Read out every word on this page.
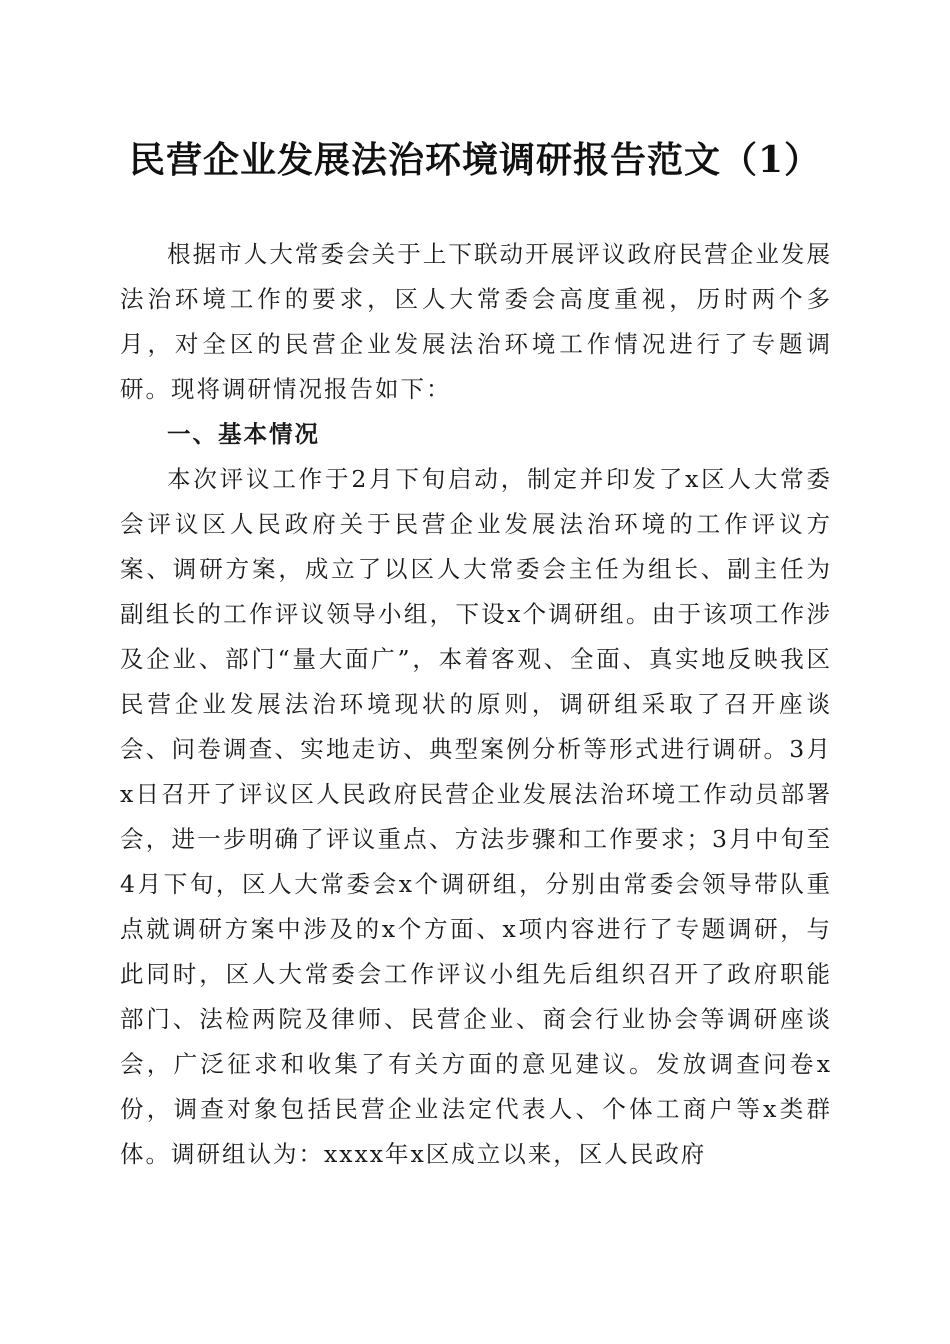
民营企业发展法治环境调研报告范文（1）

根据市人大常委会关于上下联动开展评议政府民营企业发展法治环境工作的要求，区人大常委会高度重视，历时两个多月，对全区的民营企业发展法治环境工作情况进行了专题调研。现将调研情况报告如下：

一、基本情况

本次评议工作于2月下旬启动，制定并印发了x区人大常委会评议区人民政府关于民营企业发展法治环境的工作评议方案、调研方案，成立了以区人大常委会主任为组长、副主任为副组长的工作评议领导小组，下设x个调研组。由于该项工作涉及企业、部门“量大面广”，本着客观、全面、真实地反映我区民营企业发展法治环境现状的原则，调研组采取了召开座谈会、问卷调查、实地走访、典型案例分析等形式进行调研。3月x日召开了评议区人民政府民营企业发展法治环境工作动员部署会，进一步明确了评议重点、方法步骤和工作要求；3月中旬至4月下旬，区人大常委会x个调研组，分别由常委会领导带队重点就调研方案中涉及的x个方面、x项内容进行了专题调研，与此同时，区人大常委会工作评议小组先后组织召开了政府职能部门、法检两院及律师、民营企业、商会行业协会等调研座谈会，广泛征求和收集了有关方面的意见建议。发放调查问卷x份，调查对象包括民营企业法定代表人、个体工商户等x类群体。调研组认为：xxxx年x区成立以来，区人民政府
